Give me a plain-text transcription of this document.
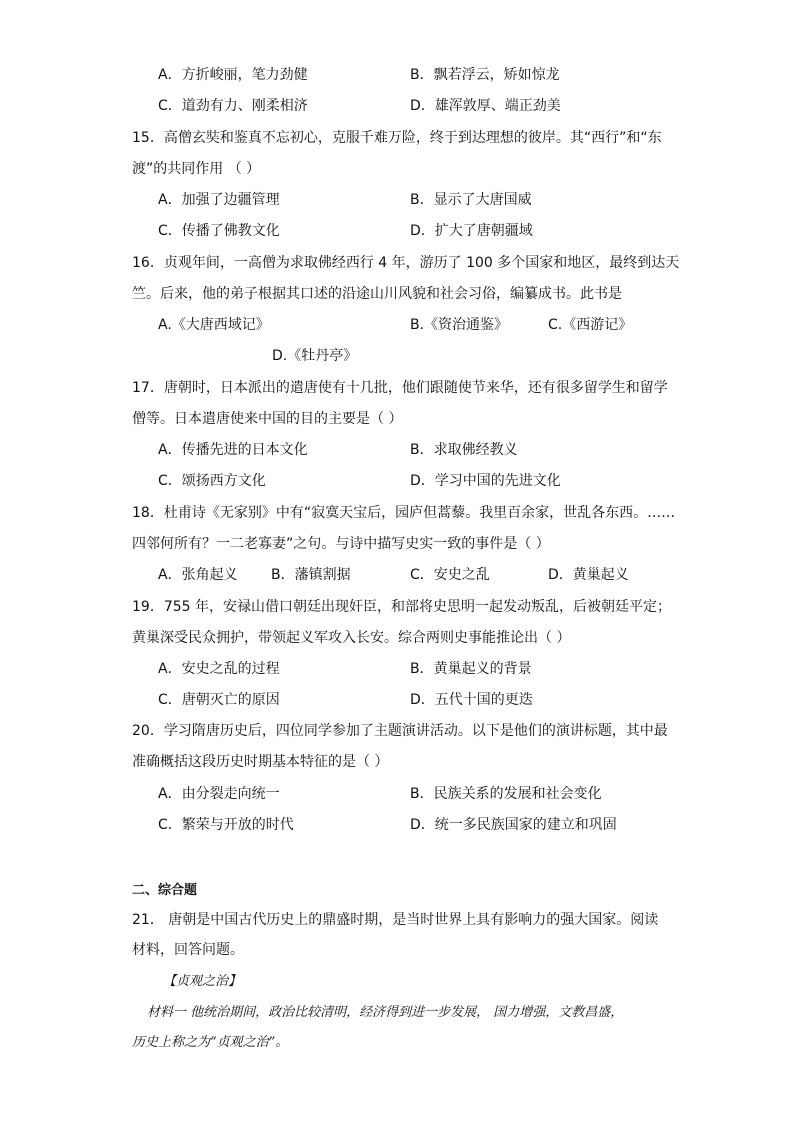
A．方折峻丽，笔力劲健	B．飘若浮云，矫如惊龙
C．道劲有力、刚柔相济	D．雄浑敦厚、端正劲美
15．高僧玄奘和鉴真不忘初心，克服千难万险，终于到达理想的彼岸。其“西行”和“东
渡”的共同作用 （ ）
A．加强了边疆管理	B．显示了大唐国威
C．传播了佛教文化	D．扩大了唐朝疆域
16．贞观年间，一高僧为求取佛经西行 4 年，游历了 100 多个国家和地区，最终到达天
竺。后来，他的弟子根据其口述的沿途山川风貌和社会习俗，编纂成书。此书是
A.《大唐西域记》	B.《资治通鉴》	C.《西游记》
D.《牡丹亭》
17．唐朝时，日本派出的遣唐使有十几批，他们跟随使节来华，还有很多留学生和留学
僧等。日本遣唐使来中国的目的主要是（ ）
A．传播先进的日本文化	B．求取佛经教义
C．颂扬西方文化	D．学习中国的先进文化
18．杜甫诗《无家别》中有“寂寞天宝后，园庐但蒿藜。我里百余家，世乱各东西。……
四邻何所有？一二老寡妻”之句。与诗中描写史实一致的事件是（ ）
A．张角起义 B．藩镇割据	C．安史之乱	D．黄巢起义
19．755 年，安禄山借口朝廷出现奸臣，和部将史思明一起发动叛乱，后被朝廷平定；
黄巢深受民众拥护，带领起义军攻入长安。综合两则史事能推论出（ ）
A．安史之乱的过程	B．黄巢起义的背景
C．唐朝灭亡的原因	D．五代十国的更迭
20．学习隋唐历史后，四位同学参加了主题演讲活动。以下是他们的演讲标题，其中最
准确概括这段历史时期基本特征的是（ ）
A．由分裂走向统一	B．民族关系的发展和社会变化
C．繁荣与开放的时代	D．统一多民族国家的建立和巩固
二、综合题
21． 唐朝是中国古代历史上的鼎盛时期，是当时世界上具有影响力的强大国家。阅读
材料，回答问题。
【贞观之治】
材料一 他统治期间，政治比较清明，经济得到进一步发展， 国力增强，文教昌盛，
历史上称之为“贞观之治”。
